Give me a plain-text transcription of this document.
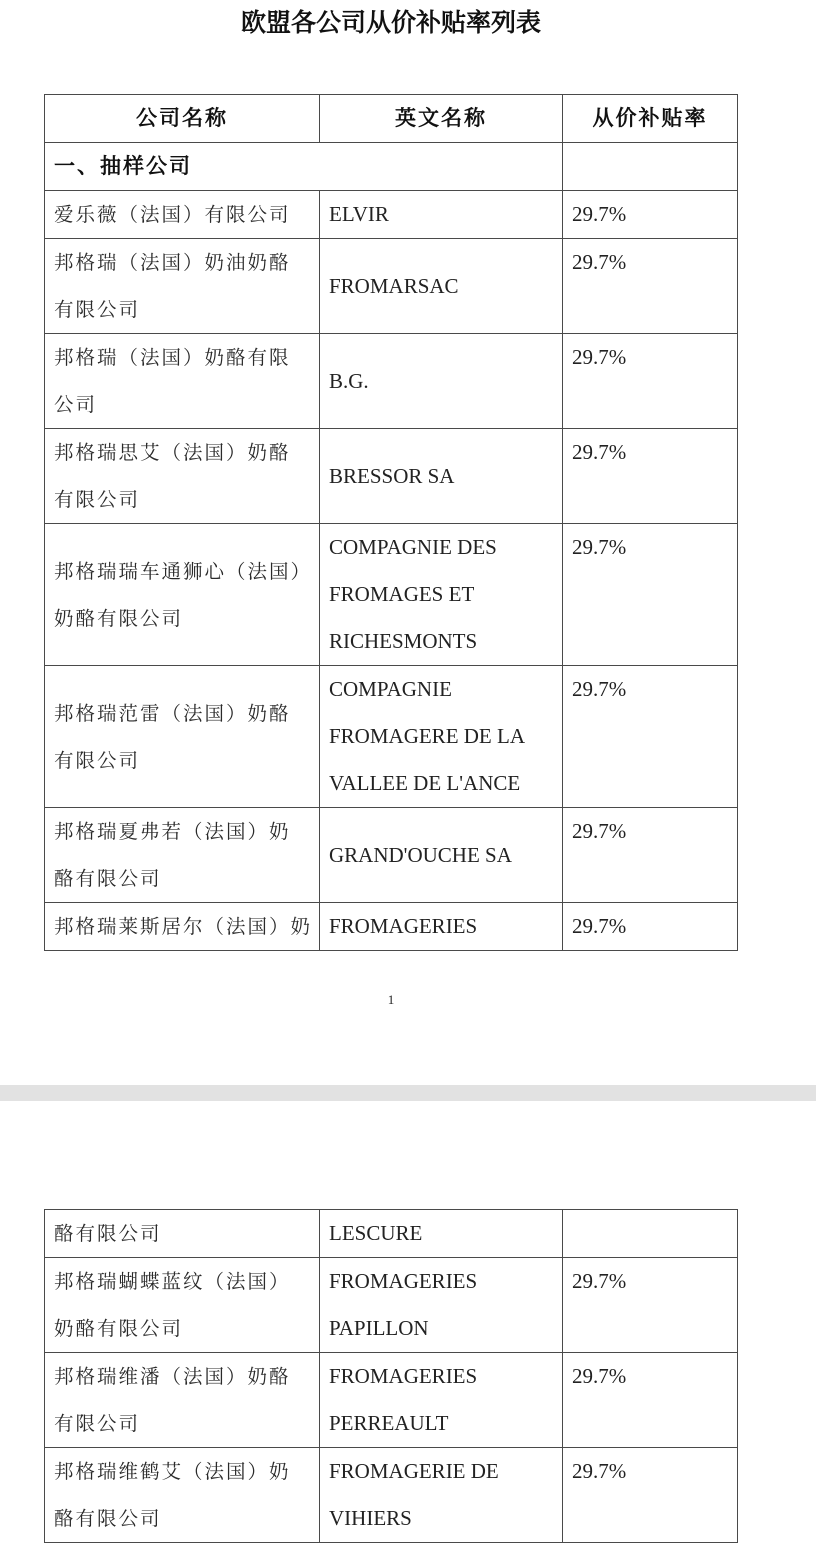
欧盟各公司从价补贴率列表
公司名称	英文名称	从价补贴率
一、抽样公司		
爱乐薇（法国）有限公司	ELVIR	29.7%
邦格瑞（法国）奶油奶酪有限公司	FROMARSAC	29.7%
邦格瑞（法国）奶酪有限公司	B.G.	29.7%
邦格瑞思艾（法国）奶酪有限公司	BRESSOR SA	29.7%
邦格瑞瑞车通狮心（法国）奶酪有限公司	COMPAGNIE DES FROMAGES ET RICHESMONTS	29.7%
邦格瑞范雷（法国）奶酪有限公司	COMPAGNIE FROMAGERE DE LA VALLEE DE L'ANCE	29.7%
邦格瑞夏弗若（法国）奶酪有限公司	GRAND'OUCHE SA	29.7%
邦格瑞莱斯居尔（法国）奶	FROMAGERIES	29.7%
1
酪有限公司	LESCURE	
邦格瑞蝴蝶蓝纹（法国）奶酪有限公司	FROMAGERIES PAPILLON	29.7%
邦格瑞维潘（法国）奶酪有限公司	FROMAGERIES PERREAULT	29.7%
邦格瑞维鹤艾（法国）奶酪有限公司	FROMAGERIE DE VIHIERS	29.7%
